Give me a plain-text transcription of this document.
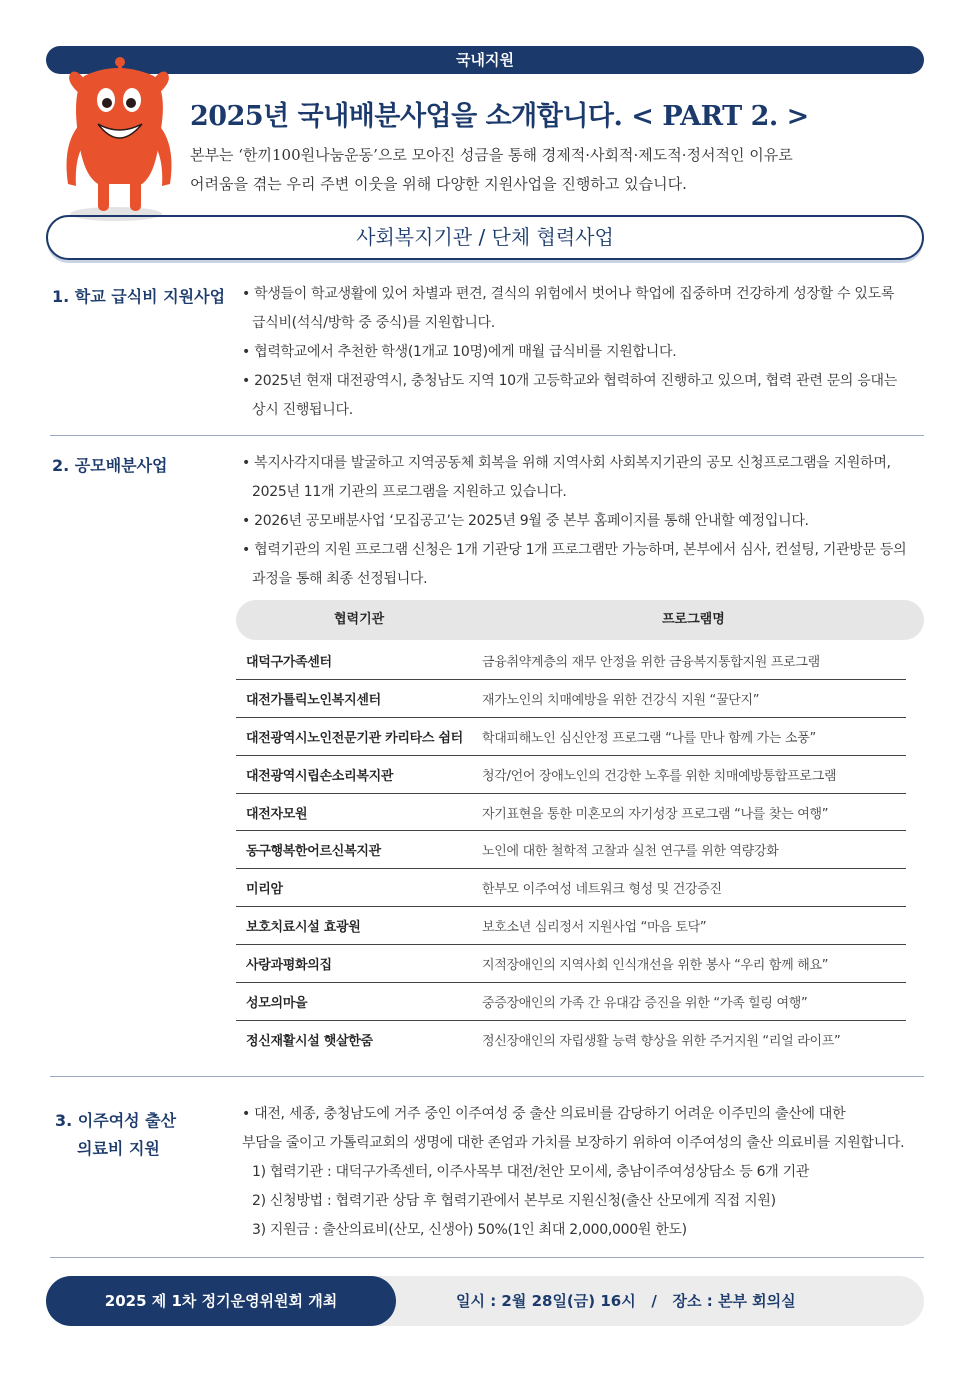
국내지원
2025년 국내배분사업을 소개합니다. < PART 2. >
본부는 ‘한끼100원나눔운동’으로 모아진 성금을 통해 경제적·사회적·제도적·정서적인 이유로
어려움을 겪는 우리 주변 이웃을 위해 다양한 지원사업을 진행하고 있습니다.
사회복지기관 / 단체 협력사업
1. 학교 급식비 지원사업 • 학생들이 학교생활에 있어 차별과 편견, 결식의 위험에서 벗어나 학업에 집중하며 건강하게 성장할 수 있도록
급식비(석식/방학 중 중식)를 지원합니다.
• 협력학교에서 추천한 학생(1개교 10명)에게 매월 급식비를 지원합니다.
• 2025년 현재 대전광역시, 충청남도 지역 10개 고등학교와 협력하여 진행하고 있으며, 협력 관련 문의 응대는
상시 진행됩니다.
2. 공모배분사업	• 복지사각지대를 발굴하고 지역공동체 회복을 위해 지역사회 사회복지기관의 공모 신청프로그램을 지원하며,
2025년 11개 기관의 프로그램을 지원하고 있습니다.
• 2026년 공모배분사업 ‘모집공고’는 2025년 9월 중 본부 홈페이지를 통해 안내할 예정입니다.
• 협력기관의 지원 프로그램 신청은 1개 기관당 1개 프로그램만 가능하며, 본부에서 심사, 컨설팅, 기관방문 등의
과정을 통해 최종 선정됩니다.
협력기관	프로그램명
대덕구가족센터	금융취약계층의 재무 안정을 위한 금융복지통합지원 프로그램
대전가톨릭노인복지센터	재가노인의 치매예방을 위한 건강식 지원 “꿀단지”
대전광역시노인전문기관 카리타스 쉼터	학대피해노인 심신안정 프로그램 “나를 만나 함께 가는 소풍”
대전광역시립손소리복지관	청각/언어 장애노인의 건강한 노후를 위한 치매예방통합프로그램
대전자모원	자기표현을 통한 미혼모의 자기성장 프로그램 “나를 찾는 여행”
동구행복한어르신복지관	노인에 대한 철학적 고찰과 실천 연구를 위한 역량강화
미리암	한부모 이주여성 네트워크 형성 및 건강증진
보호치료시설 효광원	보호소년 심리정서 지원사업 “마음 토닥”
사랑과평화의집	지적장애인의 지역사회 인식개선을 위한 봉사 “우리 함께 해요”
성모의마을	중증장애인의 가족 간 유대감 증진을 위한 “가족 힐링 여행”
정신재활시설 햇살한줌	정신장애인의 자립생활 능력 향상을 위한 주거지원 “리얼 라이프”
3. 이주여성 출산
의료비 지원
• 대전, 세종, 충청남도에 거주 중인 이주여성 중 출산 의료비를 감당하기 어려운 이주민의 출산에 대한
부담을 줄이고 가톨릭교회의 생명에 대한 존엄과 가치를 보장하기 위하여 이주여성의 출산 의료비를 지원합니다.
1) 협력기관 : 대덕구가족센터, 이주사목부 대전/천안 모이세, 충남이주여성상담소 등 6개 기관
2) 신청방법 : 협력기관 상담 후 협력기관에서 본부로 지원신청(출산 산모에게 직접 지원)
3) 지원금 : 출산의료비(산모, 신생아) 50%(1인 최대 2,000,000원 한도)
2025 제 1차 정기운영위원회 개최	일시 : 2월 28일(금) 16시   /   장소 : 본부 회의실
